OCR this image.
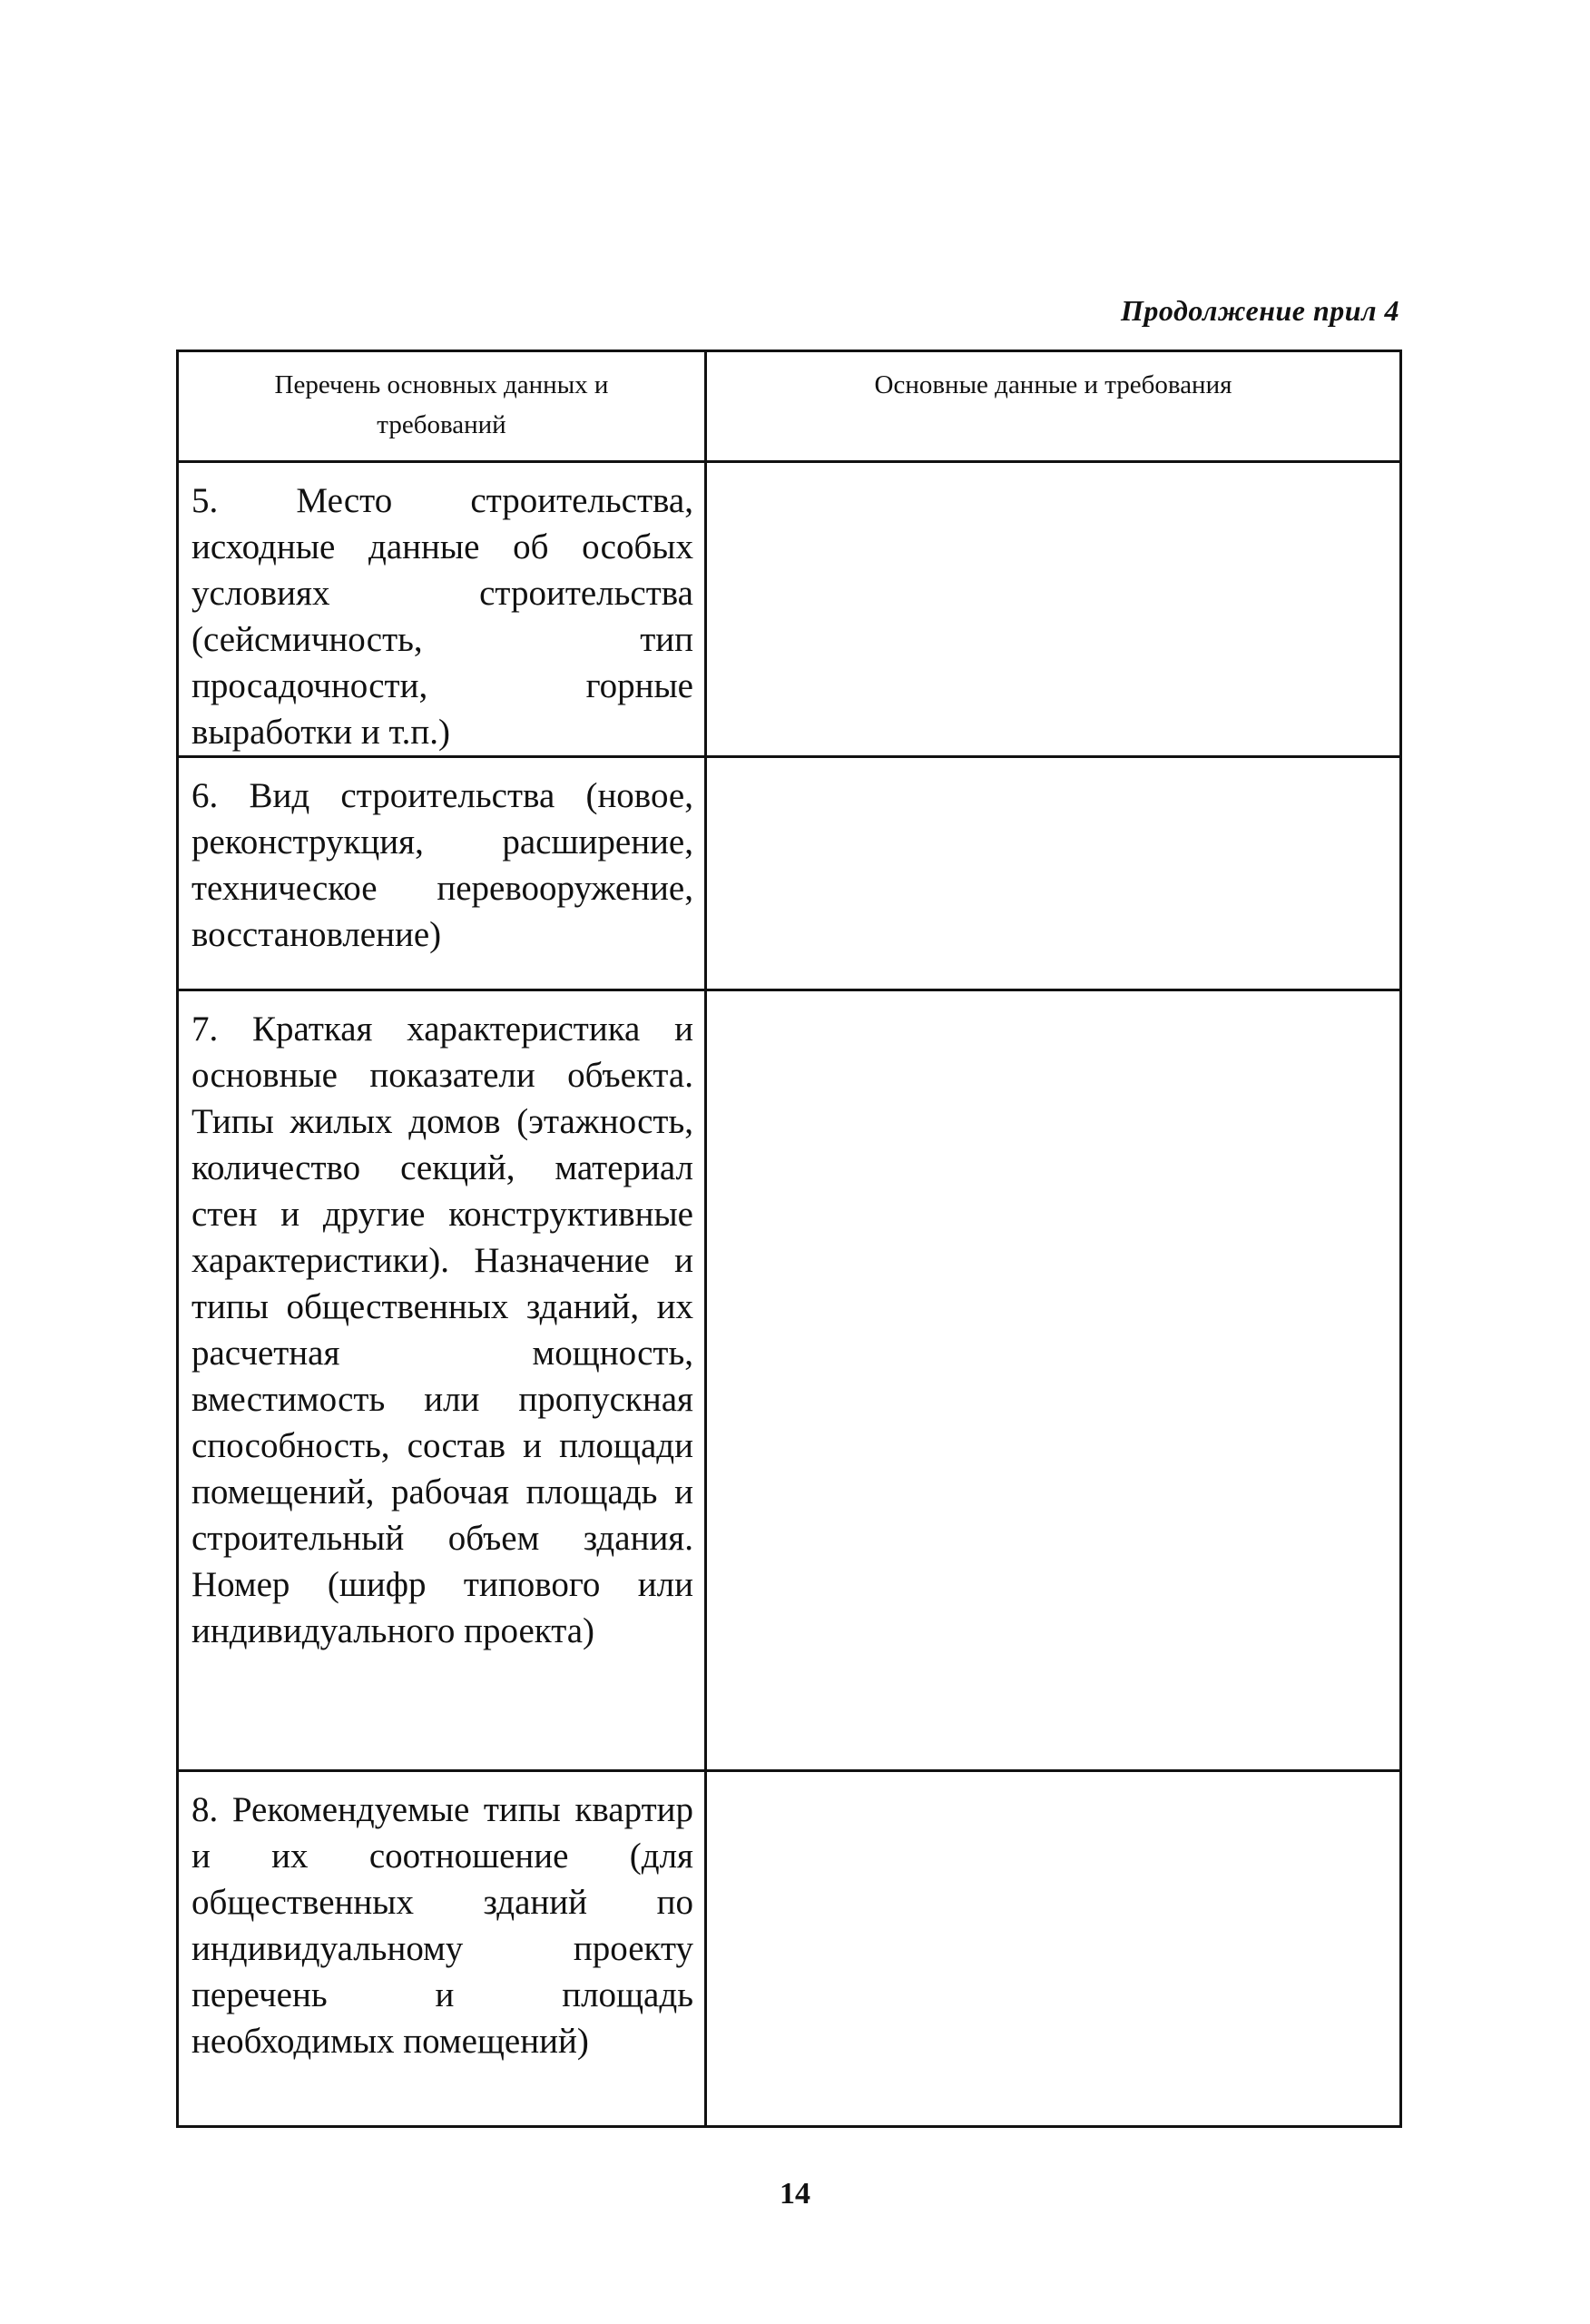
Продолжение прил 4
Перечень основных данных и требований	Основные данные и требования
5. Место строительства, исходные данные об особых условиях строительства (сейсмичность, тип просадочности, горные выработки и т.п.)	
6. Вид строительства (новое, реконструкция, расширение, техническое перевооружение, восстановление)	
7. Краткая характеристика и основные показатели объекта. Типы жилых домов (этажность, количество секций, материал стен и другие конструктивные характеристики). Назначение и типы общественных зданий, их расчетная мощность, вместимость или пропускная способность, состав и площади помещений, рабочая площадь и строительный объем здания. Номер (шифр типового или индивидуального проекта)	
8. Рекомендуемые типы квартир и их соотношение (для общественных зданий по индивидуальному проекту перечень и площадь необходимых помещений)	
14
